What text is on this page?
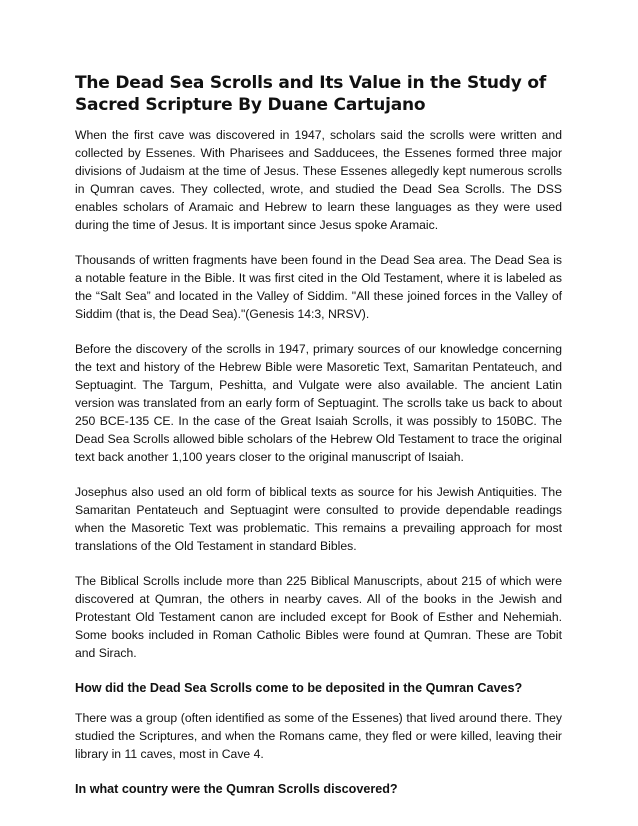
The Dead Sea Scrolls and Its Value in the Study of Sacred Scripture By Duane Cartujano

When the first cave was discovered in 1947, scholars said the scrolls were written and collected by Essenes. With Pharisees and Sadducees, the Essenes formed three major divisions of Judaism at the time of Jesus. These Essenes allegedly kept numerous scrolls in Qumran caves. They collected, wrote, and studied the Dead Sea Scrolls. The DSS enables scholars of Aramaic and Hebrew to learn these languages as they were used during the time of Jesus. It is important since Jesus spoke Aramaic.

Thousands of written fragments have been found in the Dead Sea area. The Dead Sea is a notable feature in the Bible. It was first cited in the Old Testament, where it is labeled as the “Salt Sea” and located in the Valley of Siddim. "All these joined forces in the Valley of Siddim (that is, the Dead Sea)."(Genesis 14:3, NRSV).

Before the discovery of the scrolls in 1947, primary sources of our knowledge concerning the text and history of the Hebrew Bible were Masoretic Text, Samaritan Pentateuch, and Septuagint. The Targum, Peshitta, and Vulgate were also available. The ancient Latin version was translated from an early form of Septuagint. The scrolls take us back to about 250 BCE-135 CE. In the case of the Great Isaiah Scrolls, it was possibly to 150BC. The Dead Sea Scrolls allowed bible scholars of the Hebrew Old Testament to trace the original text back another 1,100 years closer to the original manuscript of Isaiah.

Josephus also used an old form of biblical texts as source for his Jewish Antiquities. The Samaritan Pentateuch and Septuagint were consulted to provide dependable readings when the Masoretic Text was problematic. This remains a prevailing approach for most translations of the Old Testament in standard Bibles.

The Biblical Scrolls include more than 225 Biblical Manuscripts, about 215 of which were discovered at Qumran, the others in nearby caves. All of the books in the Jewish and Protestant Old Testament canon are included except for Book of Esther and Nehemiah. Some books included in Roman Catholic Bibles were found at Qumran. These are Tobit and Sirach.

How did the Dead Sea Scrolls come to be deposited in the Qumran Caves?

There was a group (often identified as some of the Essenes) that lived around there. They studied the Scriptures, and when the Romans came, they fled or were killed, leaving their library in 11 caves, most in Cave 4.

In what country were the Qumran Scrolls discovered?
